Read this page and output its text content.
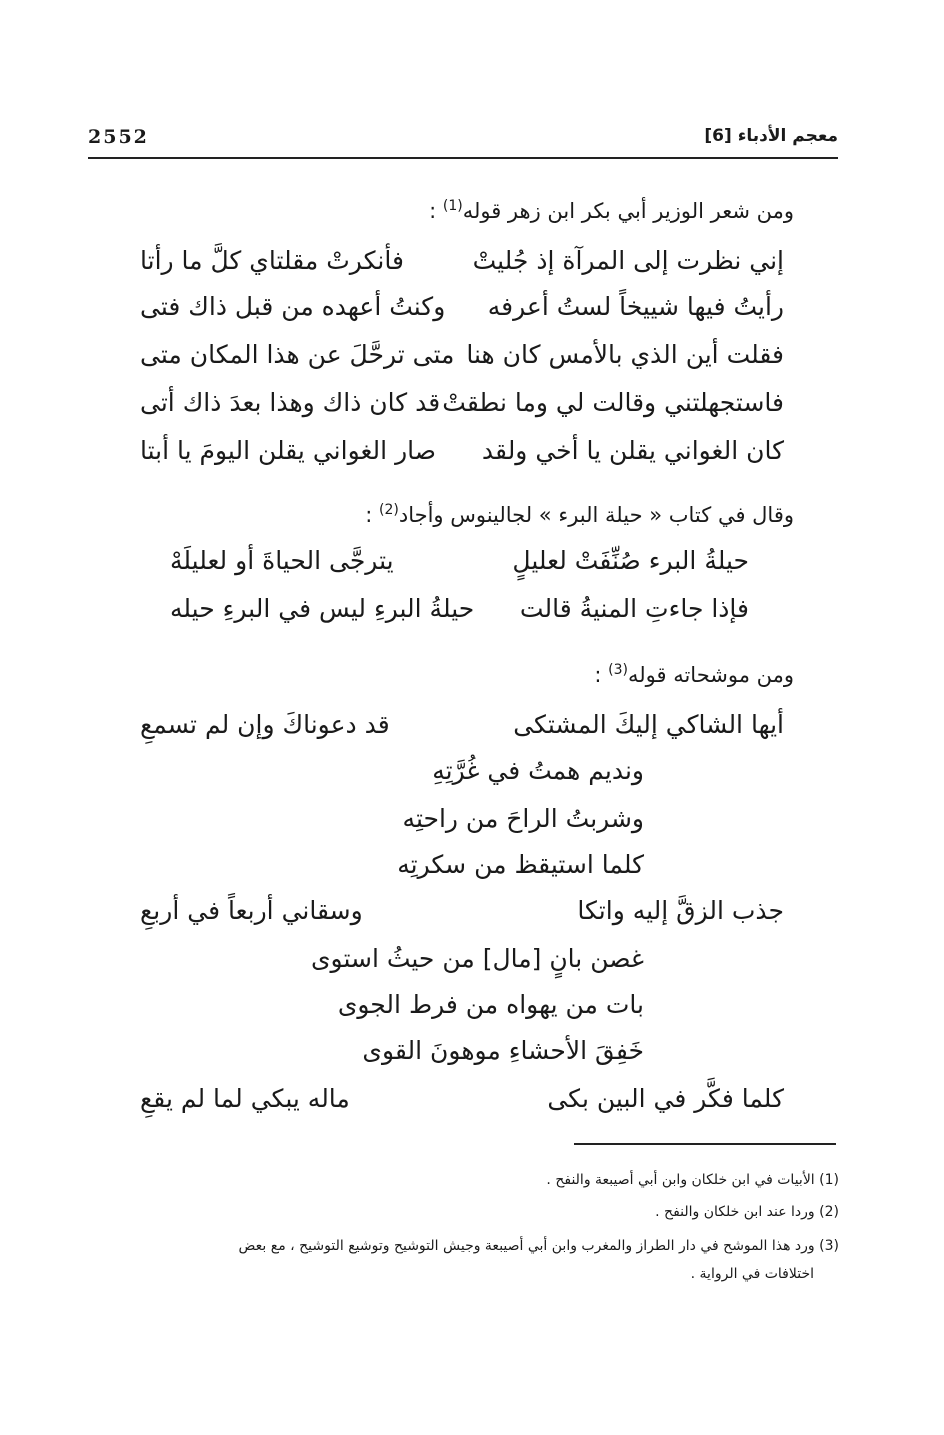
معجم الأدباء [6]
2552
ومن شعر الوزير أبي بكر ابن زهر قوله$^{(1)}$ :
إني نظرت إلى المرآة إذ جُليتْ
فأنكرتْ مقلتاي كلَّ ما رأتا
رأيتُ فيها شييخاً لستُ أعرفه
وكنتُ أعهده من قبل ذاك فتى
فقلت أين الذي بالأمس كان هنا
متى ترحَّلَ عن هذا المكان متى
فاستجهلتني وقالت لي وما نطقتْ
قد كان ذاك وهذا بعدَ ذاك أتى
كان الغواني يقلن يا أخي ولقد
صار الغواني يقلن اليومَ يا أبتا
وقال في كتاب « حيلة البرء » لجالينوس وأجاد$^{(2)}$ :
حيلةُ البرء صُنِّفَتْ لعليلٍ
يترجَّى الحياةَ أو لعليلَهْ
فإذا جاءتِ المنيةُ قالت
حيلةُ البرءِ ليس في البرءِ حيله
ومن موشحاته قوله$^{(3)}$ :
أيها الشاكي إليكَ المشتكى
قد دعوناكَ وإن لم تسمعِ
ونديم همتُ في غُرَّتِهِ
وشربتُ الراحَ من راحتِه
كلما استيقظ من سكرتِه
جذب الزقَّ إليه واتكا
وسقاني أربعاً في أربعِ
غصن بانٍ [مال] من حيثُ استوى
بات من يهواه من فرط الجوى
خَفِقَ الأحشاءِ موهونَ القوى
كلما فكَّر في البين بكى
ماله يبكي لما لم يقعِ
(1) الأبيات في ابن خلكان وابن أبي أصيبعة والنفح .
(2) وردا عند ابن خلكان والنفح .
(3) ورد هذا الموشح في دار الطراز والمغرب وابن أبي أصيبعة وجيش التوشيح وتوشيع التوشيح ، مع بعض
اختلافات في الرواية .
